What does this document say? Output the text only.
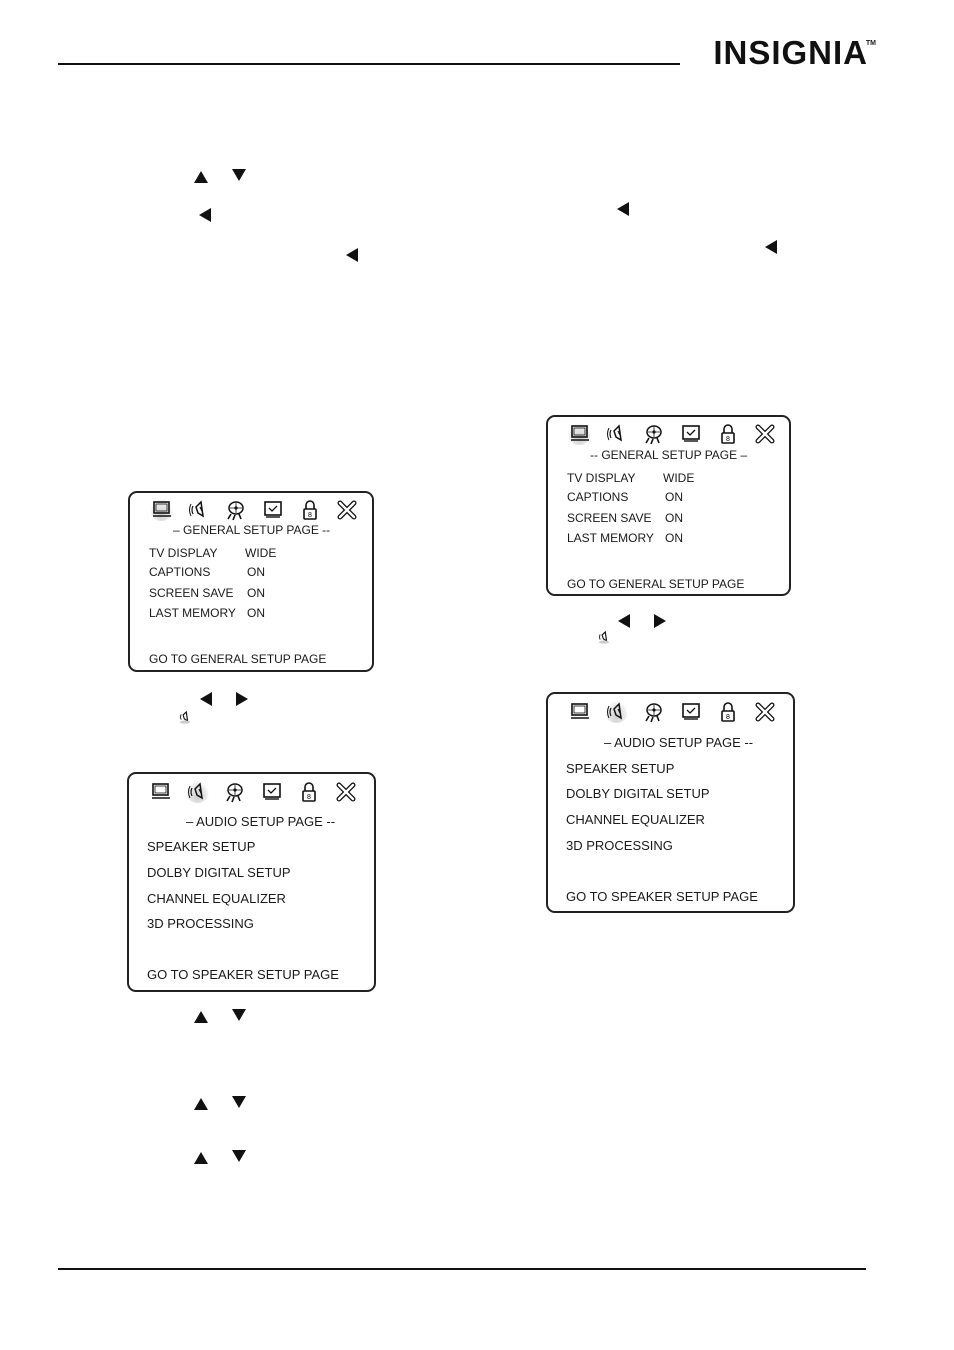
INSIGNIA
TM
8
– GENERAL SETUP PAGE --
TV DISPLAY WIDE
CAPTIONS	ON
SCREEN SAVE ON
LAST MEMORY ON
GO TO GENERAL SETUP PAGE
8
– AUDIO SETUP PAGE --
SPEAKER SETUP
DOLBY DIGITAL SETUP
CHANNEL EQUALIZER
3D PROCESSING
GO TO SPEAKER SETUP PAGE
8
-- GENERAL SETUP PAGE –
TV DISPLAY WIDE
CAPTIONS	ON
SCREEN SAVE ON
LAST MEMORY ON
GO TO GENERAL SETUP PAGE
8
– AUDIO SETUP PAGE --
SPEAKER SETUP
DOLBY DIGITAL SETUP
CHANNEL EQUALIZER
3D PROCESSING
GO TO SPEAKER SETUP PAGE
